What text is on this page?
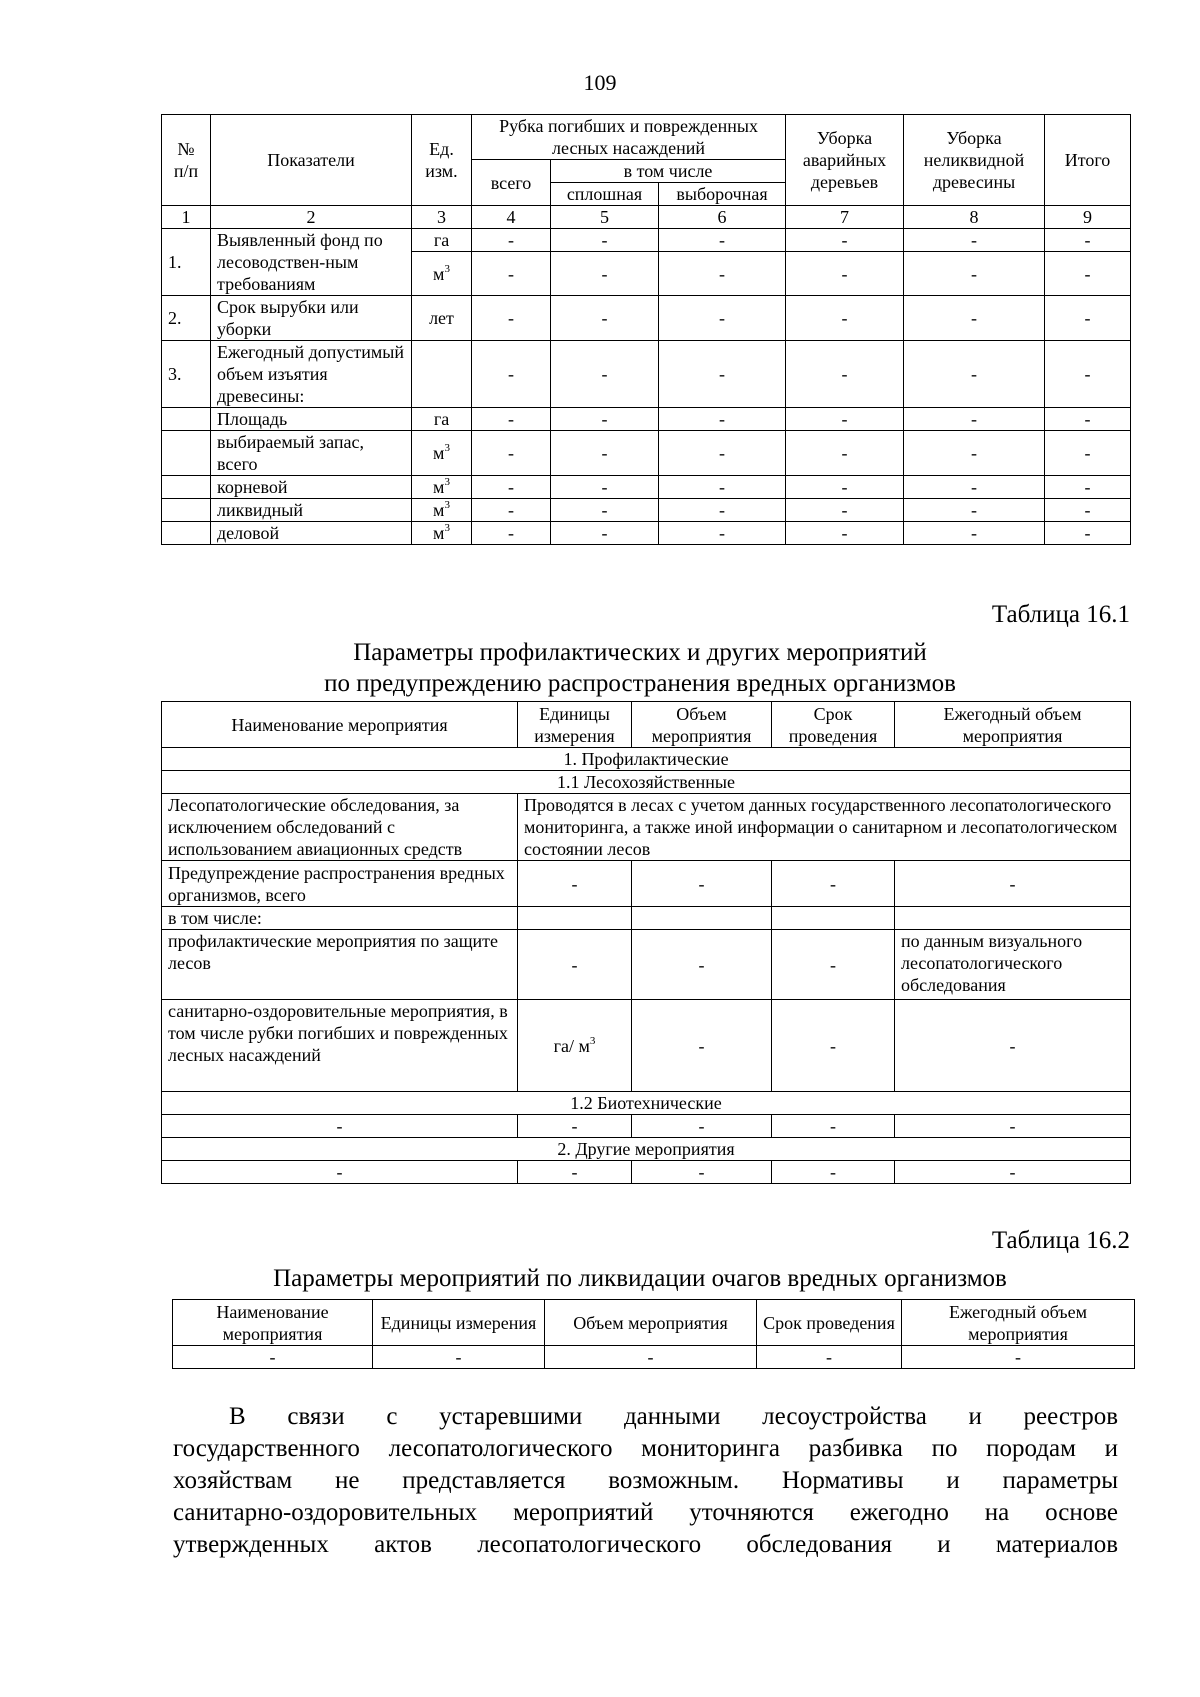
109
№ п/п	Показатели	Ед. изм.	Рубка погибших и поврежденных лесных насаждений			Уборка аварийных деревьев	Уборка неликвидной древесины	Итого
			всего	в том числе				
				сплошная	выборочная			
1	2	3	4	5	6	7	8	9
1.	Выявленный фонд по лесоводствен-ным требованиям	га	-	-	-	-	-	-
		$м^3$	-	-	-	-	-	-
2.	Срок вырубки или уборки	лет	-	-	-	-	-	-
3.	Ежегодный допустимый объем изъятия древесины:		-	-	-	-	-	-
	Площадь	га	-	-	-	-	-	-
	выбираемый запас, всего	$м^3$	-	-	-	-	-	-
	корневой	$м^3$	-	-	-	-	-	-
	ликвидный	$м^3$	-	-	-	-	-	-
	деловой	$м^3$	-	-	-	-	-	-
Таблица 16.1
Параметры профилактических и других мероприятий
по предупреждению распространения вредных организмов
Наименование мероприятия	Единицы измерения	Объем мероприятия	Срок проведения	Ежегодный объем мероприятия
1. Профилактические				
1.1 Лесохозяйственные				
Лесопатологические обследования, за исключением обследований с использованием авиационных средств	Проводятся в лесах с учетом данных государственного лесопатологического мониторинга, а также иной информации о санитарном и лесопатологическом состоянии лесов			
Предупреждение распространения вредных организмов, всего	-	-	-	-
в том числе:				
профилактические мероприятия по защите лесов	-	-	-	по данным визуального лесопатологического обследования
санитарно-оздоровительные мероприятия, в том числе рубки погибших и поврежденных лесных насаждений	га/ $м^3$	-	-	-
1.2 Биотехнические				
-	-	-	-	-
2. Другие мероприятия				
-	-	-	-	-
Таблица 16.2
Параметры мероприятий по ликвидации очагов вредных организмов
Наименование мероприятия	Единицы измерения	Объем мероприятия	Срок проведения	Ежегодный объем мероприятия
-	-	-	-	-
В связи с устаревшими данными лесоустройства и реестров
государственного лесопатологического мониторинга разбивка по породам и
хозяйствам не представляется возможным. Нормативы и параметры
санитарно-оздоровительных мероприятий уточняются ежегодно на основе
утвержденных актов лесопатологического обследования и материалов
